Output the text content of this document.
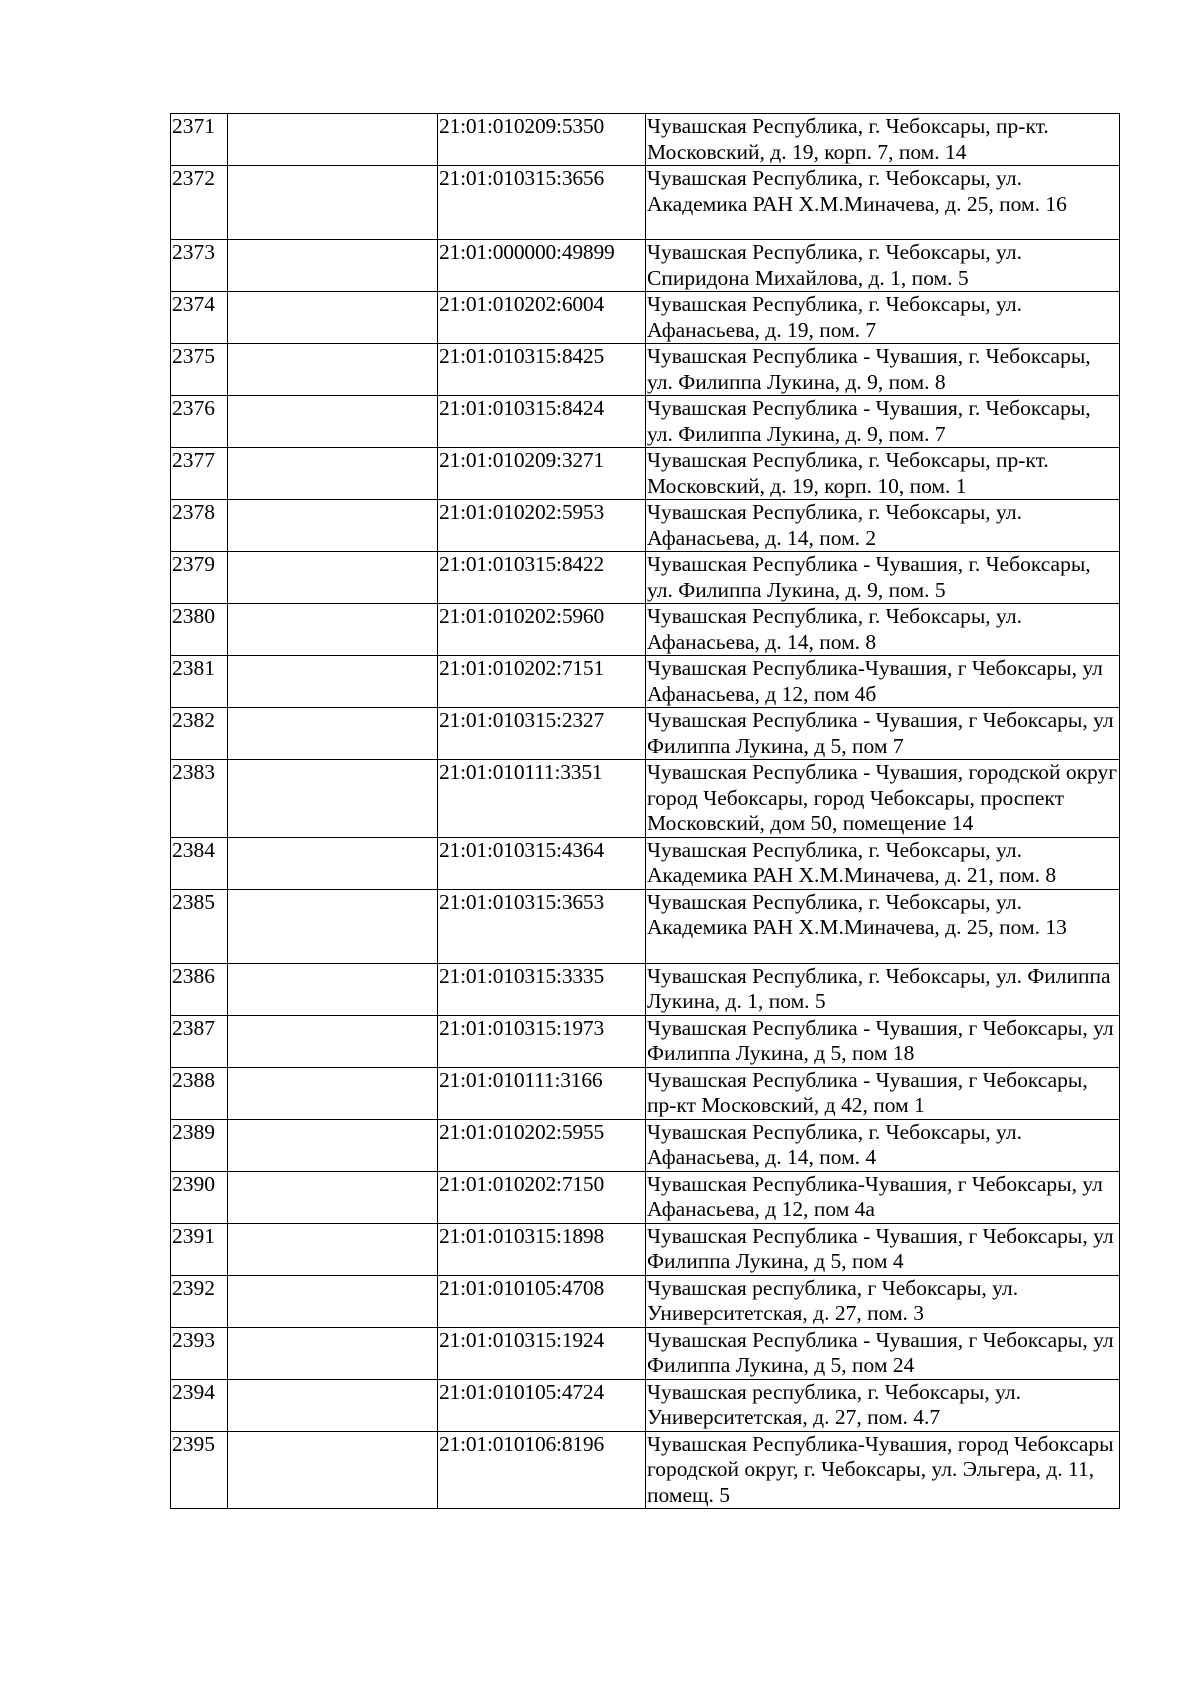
2371		21:01:010209:5350	Чувашская Республика, г. Чебоксары, пр-кт. Московский, д. 19, корп. 7, пом. 14
2372		21:01:010315:3656	Чувашская Республика, г. Чебоксары, ул. Академика РАН Х.М.Миначева, д. 25, пом. 16
2373		21:01:000000:49899	Чувашская Республика, г. Чебоксары, ул. Спиридона Михайлова, д. 1, пом. 5
2374		21:01:010202:6004	Чувашская Республика, г. Чебоксары, ул. Афанасьева, д. 19, пом. 7
2375		21:01:010315:8425	Чувашская Республика - Чувашия, г. Чебоксары, ул. Филиппа Лукина, д. 9, пом. 8
2376		21:01:010315:8424	Чувашская Республика - Чувашия, г. Чебоксары, ул. Филиппа Лукина, д. 9, пом. 7
2377		21:01:010209:3271	Чувашская Республика, г. Чебоксары, пр-кт. Московский, д. 19, корп. 10, пом. 1
2378		21:01:010202:5953	Чувашская Республика, г. Чебоксары, ул. Афанасьева, д. 14, пом. 2
2379		21:01:010315:8422	Чувашская Республика - Чувашия, г. Чебоксары, ул. Филиппа Лукина, д. 9, пом. 5
2380		21:01:010202:5960	Чувашская Республика, г. Чебоксары, ул. Афанасьева, д. 14, пом. 8
2381		21:01:010202:7151	Чувашская Республика-Чувашия, г Чебоксары, ул Афанасьева, д 12, пом 4б
2382		21:01:010315:2327	Чувашская Республика - Чувашия, г Чебоксары, ул Филиппа Лукина, д 5, пом 7
2383		21:01:010111:3351	Чувашская Республика - Чувашия, городской округ город Чебоксары, город Чебоксары, проспект Московский, дом 50, помещение 14
2384		21:01:010315:4364	Чувашская Республика, г. Чебоксары, ул. Академика РАН Х.М.Миначева, д. 21, пом. 8
2385		21:01:010315:3653	Чувашская Республика, г. Чебоксары, ул. Академика РАН Х.М.Миначева, д. 25, пом. 13
2386		21:01:010315:3335	Чувашская Республика, г. Чебоксары, ул. Филиппа Лукина, д. 1, пом. 5
2387		21:01:010315:1973	Чувашская Республика - Чувашия, г Чебоксары, ул Филиппа Лукина, д 5, пом 18
2388		21:01:010111:3166	Чувашская Республика - Чувашия, г Чебоксары, пр-кт Московский, д 42, пом 1
2389		21:01:010202:5955	Чувашская Республика, г. Чебоксары, ул. Афанасьева, д. 14, пом. 4
2390		21:01:010202:7150	Чувашская Республика-Чувашия, г Чебоксары, ул Афанасьева, д 12, пом 4а
2391		21:01:010315:1898	Чувашская Республика - Чувашия, г Чебоксары, ул Филиппа Лукина, д 5, пом 4
2392		21:01:010105:4708	Чувашская республика, г Чебоксары, ул. Университетская, д. 27, пом. 3
2393		21:01:010315:1924	Чувашская Республика - Чувашия, г Чебоксары, ул Филиппа Лукина, д 5, пом 24
2394		21:01:010105:4724	Чувашская республика, г. Чебоксары, ул. Университетская, д. 27, пом. 4.7
2395		21:01:010106:8196	Чувашская Республика-Чувашия, город Чебоксары городской округ, г. Чебоксары, ул. Эльгера, д. 11, помещ. 5
